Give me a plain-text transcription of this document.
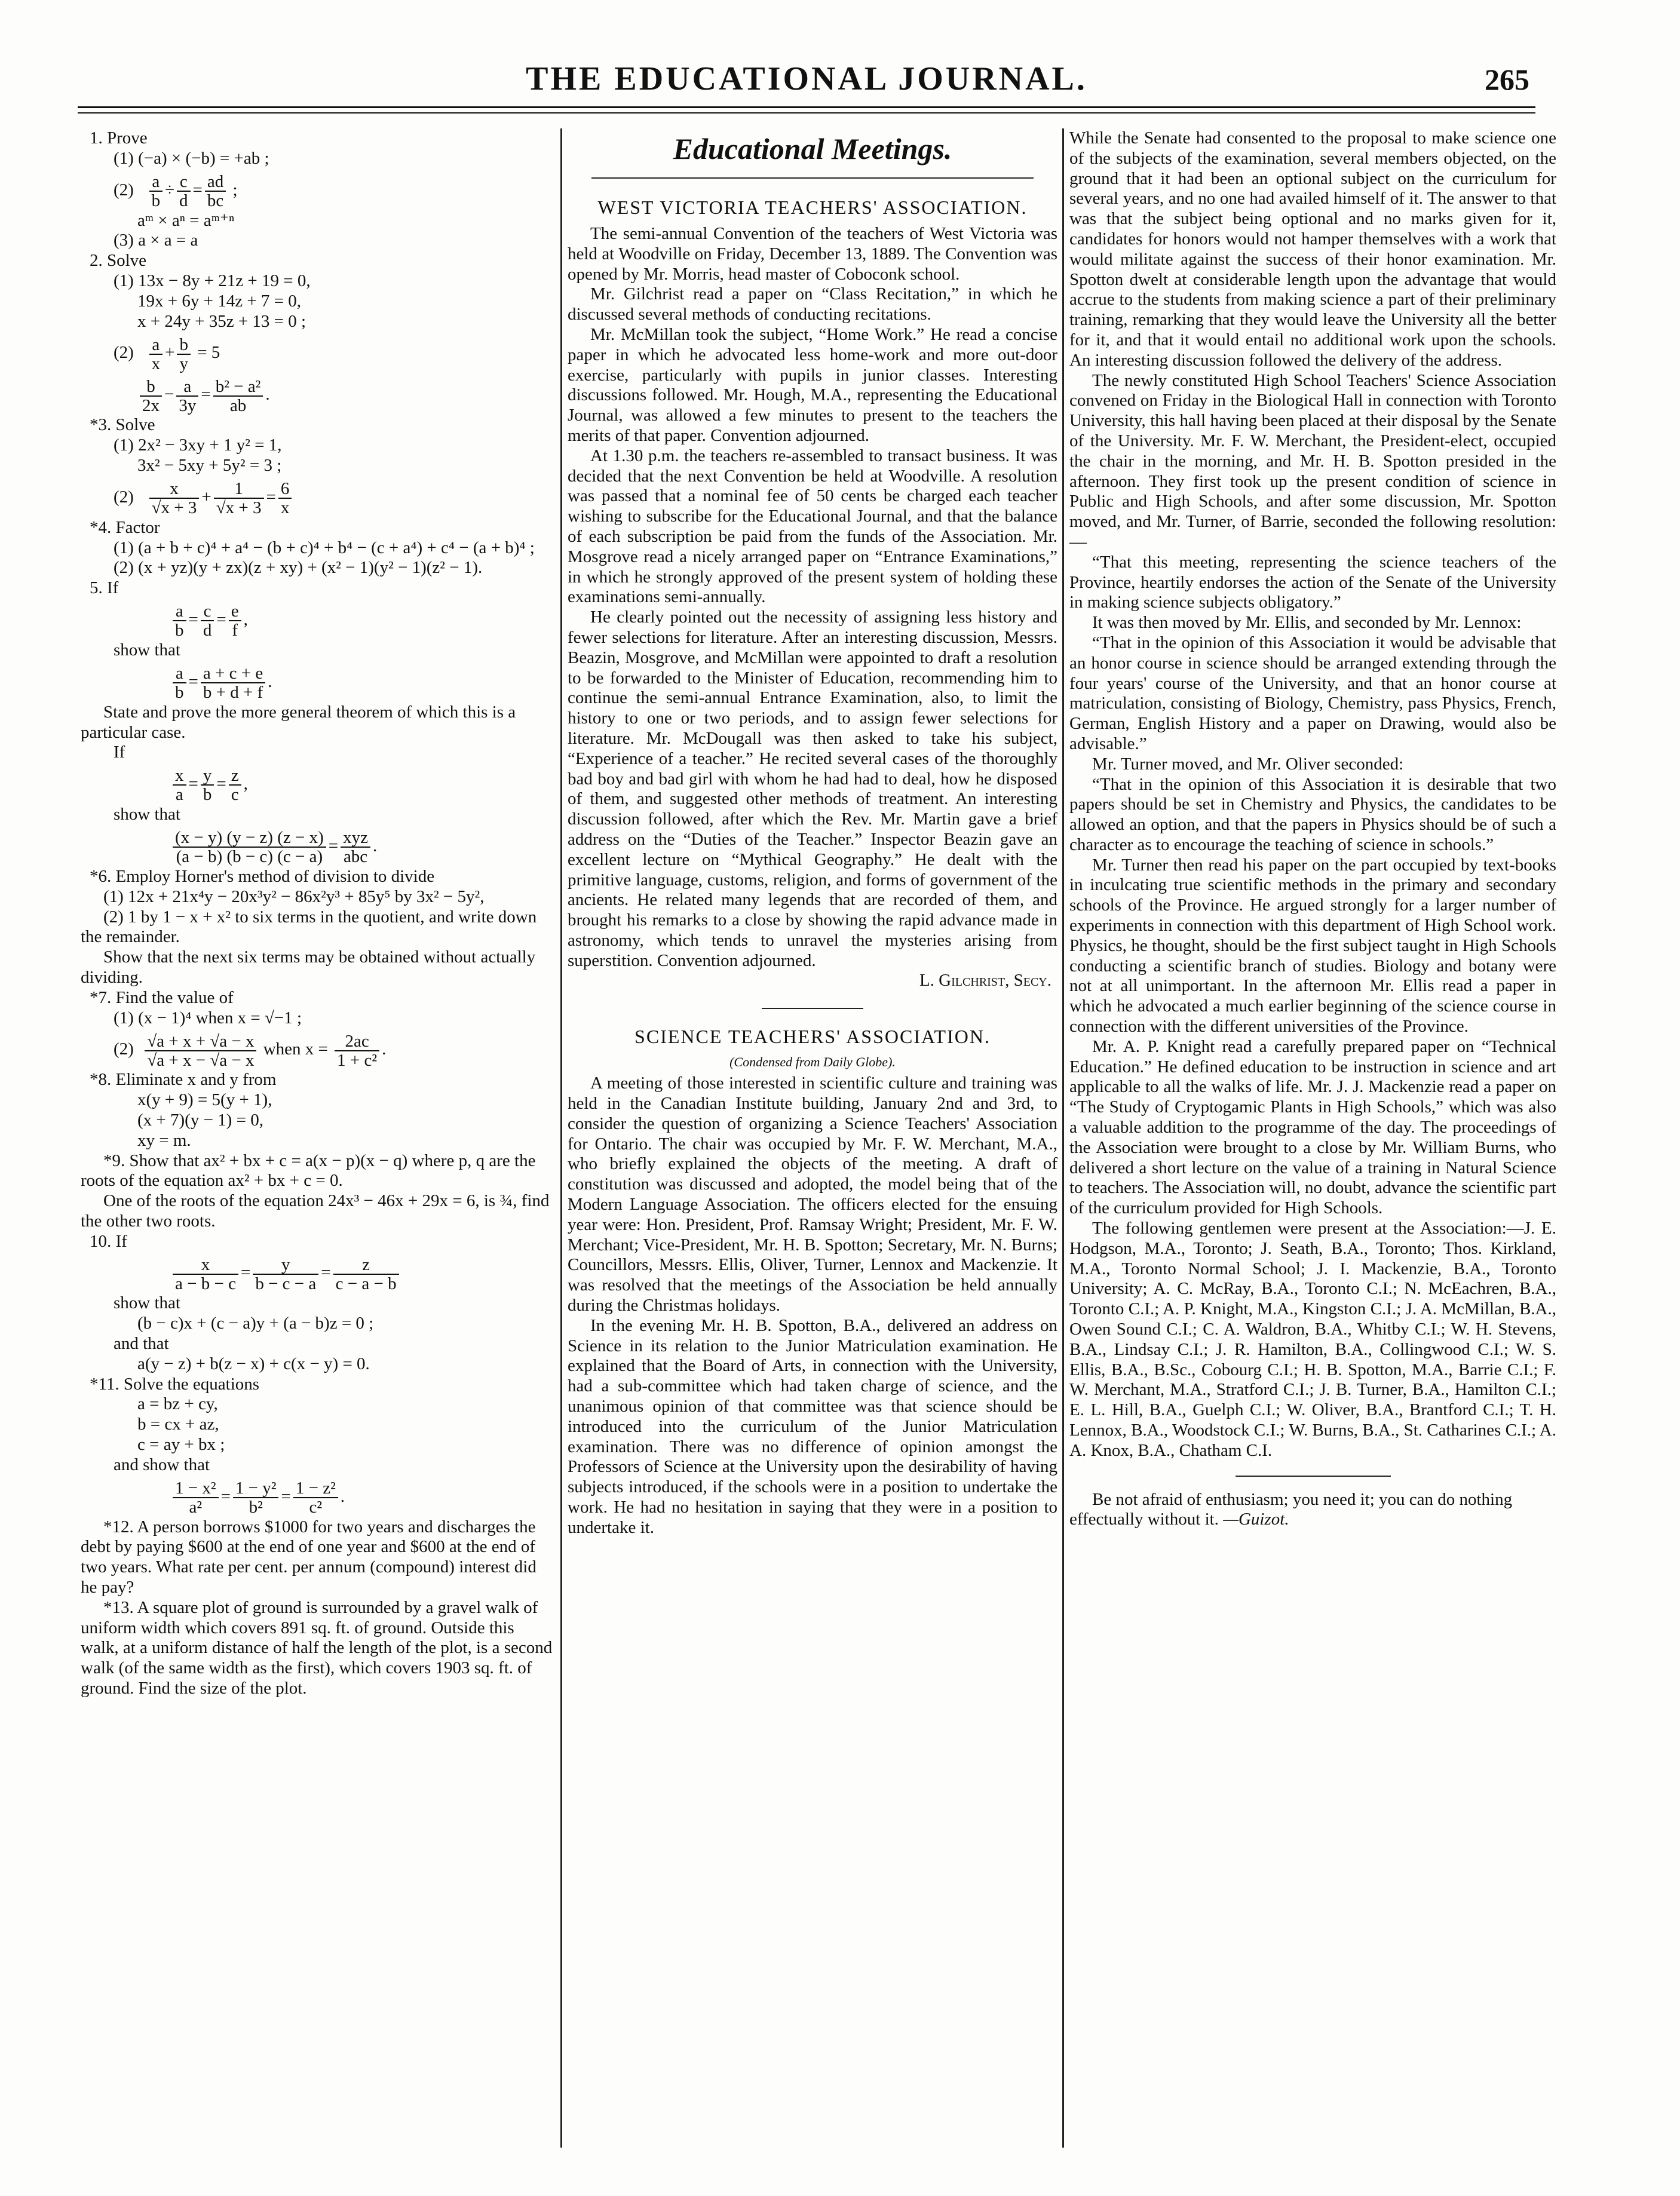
THE EDUCATIONAL JOURNAL.	265
1. Prove
(1) (−a) × (−b) = +ab ;
$(2) \frac{a}{b} \div \frac{c}{d} = \frac{ad}{bc}$ ;
aᵐ × aⁿ = aᵐ⁺ⁿ
(3) a × a = a
2. Solve
(1) 13x − 8y + 21z + 19 = 0,
19x + 6y + 14z + 7 = 0,
x + 24y + 35z + 13 = 0 ;
$(2) \frac{a}{x} + \frac{b}{y} = 5$
$\frac{b}{2x} - \frac{a}{3y} = \frac{\text{b² − a²}}{ab}$ .
*3. Solve
(1) 2x² − 3xy + 1 y² = 1,
3x² − 5xy + 5y² = 3 ;
$(2) \frac{x}{√x + 3} + \frac{1}{√x + 3} = \frac{6}{x}$
*4. Factor
(1) (a + b + c)⁴ + a⁴ − (b + c)⁴ + b⁴ − (c + a⁴) + c⁴ − (a + b)⁴ ;
(2) (x + yz)(y + zx)(z + xy) + (x² − 1)(y² − 1)(z² − 1).
5. If
$\frac{a}{b} = \frac{c}{d} = \frac{e}{f}$ ,
show that
$\frac{a}{b} = \frac{a + c + e}{b + d + f}$ .

State and prove the more general theorem of which this is a particular case.

If
$\frac{x}{a} = \frac{y}{b} = \frac{z}{c}$ ,
show that
$\frac{(x - y) (y - z) (z - x)}{(a - b) (b - c) (c - a)} = \frac{\text{xyz}}{\text{abc}}$ .
*6. Employ Horner's method of division to divide

(1) 12x + 21x⁴y − 20x³y² − 86x²y³ + 85y⁵ by 3x² − 5y²,

(2) 1 by 1 − x + x² to six terms in the quotient, and write down the remainder.

Show that the next six terms may be obtained without actually dividing.

*7. Find the value of
(1) (x − 1)⁴ when x = √−1 ;
$(2) \frac{√a + x + √a - x}{√a + x - √a - x}$ when $x = \frac{2ac}{\text{1 + c²}}$ .
*8. Eliminate x and y from
x(y + 9) = 5(y + 1),
(x + 7)(y − 1) = 0,
xy = m.

*9. Show that ax² + bx + c = a(x − p)(x − q) where p, q are the roots of the equation ax² + bx + c = 0.

One of the roots of the equation 24x³ − 46x + 29x = 6, is ¾, find the other two roots.

10. If
$\frac{x}{a - b - c} = \frac{y}{b - c - a} = \frac{z}{c - a - b}$
show that
(b − c)x + (c − a)y + (a − b)z = 0 ;
and that
a(y − z) + b(z − x) + c(x − y) = 0.
*11. Solve the equations
a = bz + cy,
b = cx + az,
c = ay + bx ;
and show that
$\frac{\text{1 − x²}}{\text{a²}} = \frac{\text{1 − y²}}{\text{b²}} = \frac{\text{1 − z²}}{\text{c²}}$ .

*12. A person borrows $1000 for two years and discharges the debt by paying $600 at the end of one year and $600 at the end of two years. What rate per cent. per annum (compound) interest did he pay?

*13. A square plot of ground is surrounded by a gravel walk of uniform width which covers 891 sq. ft. of ground. Outside this walk, at a uniform distance of half the length of the plot, is a second walk (of the same width as the first), which covers 1903 sq. ft. of ground. Find the size of the plot.

Educational Meetings.
WEST VICTORIA TEACHERS' ASSOCIATION.

The semi-annual Convention of the teachers of West Victoria was held at Woodville on Friday, December 13, 1889. The Convention was opened by Mr. Morris, head master of Coboconk school.

Mr. Gilchrist read a paper on “Class Recitation,” in which he discussed several methods of conducting recitations.

Mr. McMillan took the subject, “Home Work.” He read a concise paper in which he advocated less home-work and more out-door exercise, particularly with pupils in junior classes. Interesting discussions followed. Mr. Hough, M.A., representing the Educational Journal, was allowed a few minutes to present to the teachers the merits of that paper. Convention adjourned.

At 1.30 p.m. the teachers re-assembled to transact business. It was decided that the next Convention be held at Woodville. A resolution was passed that a nominal fee of 50 cents be charged each teacher wishing to subscribe for the Educational Journal, and that the balance of each subscription be paid from the funds of the Association. Mr. Mosgrove read a nicely arranged paper on “Entrance Examinations,” in which he strongly approved of the present system of holding these examinations semi-annually.

He clearly pointed out the necessity of assigning less history and fewer selections for literature. After an interesting discussion, Messrs. Beazin, Mosgrove, and McMillan were appointed to draft a resolution to be forwarded to the Minister of Education, recommending him to continue the semi-annual Entrance Examination, also, to limit the history to one or two periods, and to assign fewer selections for literature. Mr. McDougall was then asked to take his subject, “Experience of a teacher.” He recited several cases of the thoroughly bad boy and bad girl with whom he had had to deal, how he disposed of them, and suggested other methods of treatment. An interesting discussion followed, after which the Rev. Mr. Martin gave a brief address on the “Duties of the Teacher.” Inspector Beazin gave an excellent lecture on “Mythical Geography.” He dealt with the primitive language, customs, religion, and forms of government of the ancients. He related many legends that are recorded of them, and brought his remarks to a close by showing the rapid advance made in astronomy, which tends to unravel the mysteries arising from superstition. Convention adjourned.

L. Gilchrist, Secy.
SCIENCE TEACHERS' ASSOCIATION.
(Condensed from Daily Globe).

A meeting of those interested in scientific culture and training was held in the Canadian Institute building, January 2nd and 3rd, to consider the question of organizing a Science Teachers' Association for Ontario. The chair was occupied by Mr. F. W. Merchant, M.A., who briefly explained the objects of the meeting. A draft of constitution was discussed and adopted, the model being that of the Modern Language Association. The officers elected for the ensuing year were: Hon. President, Prof. Ramsay Wright; President, Mr. F. W. Merchant; Vice-President, Mr. H. B. Spotton; Secretary, Mr. N. Burns; Councillors, Messrs. Ellis, Oliver, Turner, Lennox and Mackenzie. It was resolved that the meetings of the Association be held annually during the Christmas holidays.

In the evening Mr. H. B. Spotton, B.A., delivered an address on Science in its relation to the Junior Matriculation examination. He explained that the Board of Arts, in connection with the University, had a sub-committee which had taken charge of science, and the unanimous opinion of that committee was that science should be introduced into the curriculum of the Junior Matriculation examination. There was no difference of opinion amongst the Professors of Science at the University upon the desirability of having subjects introduced, if the schools were in a position to undertake the work. He had no hesitation in saying that they were in a position to undertake it.

While the Senate had consented to the proposal to make science one of the subjects of the examination, several members objected, on the ground that it had been an optional subject on the curriculum for several years, and no one had availed himself of it. The answer to that was that the subject being optional and no marks given for it, candidates for honors would not hamper themselves with a work that would militate against the success of their honor examination. Mr. Spotton dwelt at considerable length upon the advantage that would accrue to the students from making science a part of their preliminary training, remarking that they would leave the University all the better for it, and that it would entail no additional work upon the schools. An interesting discussion followed the delivery of the address.

The newly constituted High School Teachers' Science Association convened on Friday in the Biological Hall in connection with Toronto University, this hall having been placed at their disposal by the Senate of the University. Mr. F. W. Merchant, the President-elect, occupied the chair in the morning, and Mr. H. B. Spotton presided in the afternoon. They first took up the present condition of science in Public and High Schools, and after some discussion, Mr. Spotton moved, and Mr. Turner, of Barrie, seconded the following resolution:—

“That this meeting, representing the science teachers of the Province, heartily endorses the action of the Senate of the University in making science subjects obligatory.”

It was then moved by Mr. Ellis, and seconded by Mr. Lennox:

“That in the opinion of this Association it would be advisable that an honor course in science should be arranged extending through the four years' course of the University, and that an honor course at matriculation, consisting of Biology, Chemistry, pass Physics, French, German, English History and a paper on Drawing, would also be advisable.”

Mr. Turner moved, and Mr. Oliver seconded:

“That in the opinion of this Association it is desirable that two papers should be set in Chemistry and Physics, the candidates to be allowed an option, and that the papers in Physics should be of such a character as to encourage the teaching of science in schools.”

Mr. Turner then read his paper on the part occupied by text-books in inculcating true scientific methods in the primary and secondary schools of the Province. He argued strongly for a larger number of experiments in connection with this department of High School work. Physics, he thought, should be the first subject taught in High Schools conducting a scientific branch of studies. Biology and botany were not at all unimportant. In the afternoon Mr. Ellis read a paper in which he advocated a much earlier beginning of the science course in connection with the different universities of the Province.

Mr. A. P. Knight read a carefully prepared paper on “Technical Education.” He defined education to be instruction in science and art applicable to all the walks of life. Mr. J. J. Mackenzie read a paper on “The Study of Cryptogamic Plants in High Schools,” which was also a valuable addition to the programme of the day. The proceedings of the Association were brought to a close by Mr. William Burns, who delivered a short lecture on the value of a training in Natural Science to teachers. The Association will, no doubt, advance the scientific part of the curriculum provided for High Schools.

The following gentlemen were present at the Association:—J. E. Hodgson, M.A., Toronto; J. Seath, B.A., Toronto; Thos. Kirkland, M.A., Toronto Normal School; J. I. Mackenzie, B.A., Toronto University; A. C. McRay, B.A., Toronto C.I.; N. McEachren, B.A., Toronto C.I.; A. P. Knight, M.A., Kingston C.I.; J. A. McMillan, B.A., Owen Sound C.I.; C. A. Waldron, B.A., Whitby C.I.; W. H. Stevens, B.A., Lindsay C.I.; J. R. Hamilton, B.A., Collingwood C.I.; W. S. Ellis, B.A., B.Sc., Cobourg C.I.; H. B. Spotton, M.A., Barrie C.I.; F. W. Merchant, M.A., Stratford C.I.; J. B. Turner, B.A., Hamilton C.I.; E. L. Hill, B.A., Guelph C.I.; W. Oliver, B.A., Brantford C.I.; T. H. Lennox, B.A., Woodstock C.I.; W. Burns, B.A., St. Catharines C.I.; A. A. Knox, B.A., Chatham C.I.

Be not afraid of enthusiasm; you need it; you can do nothing effectually without it. —Guizot.
